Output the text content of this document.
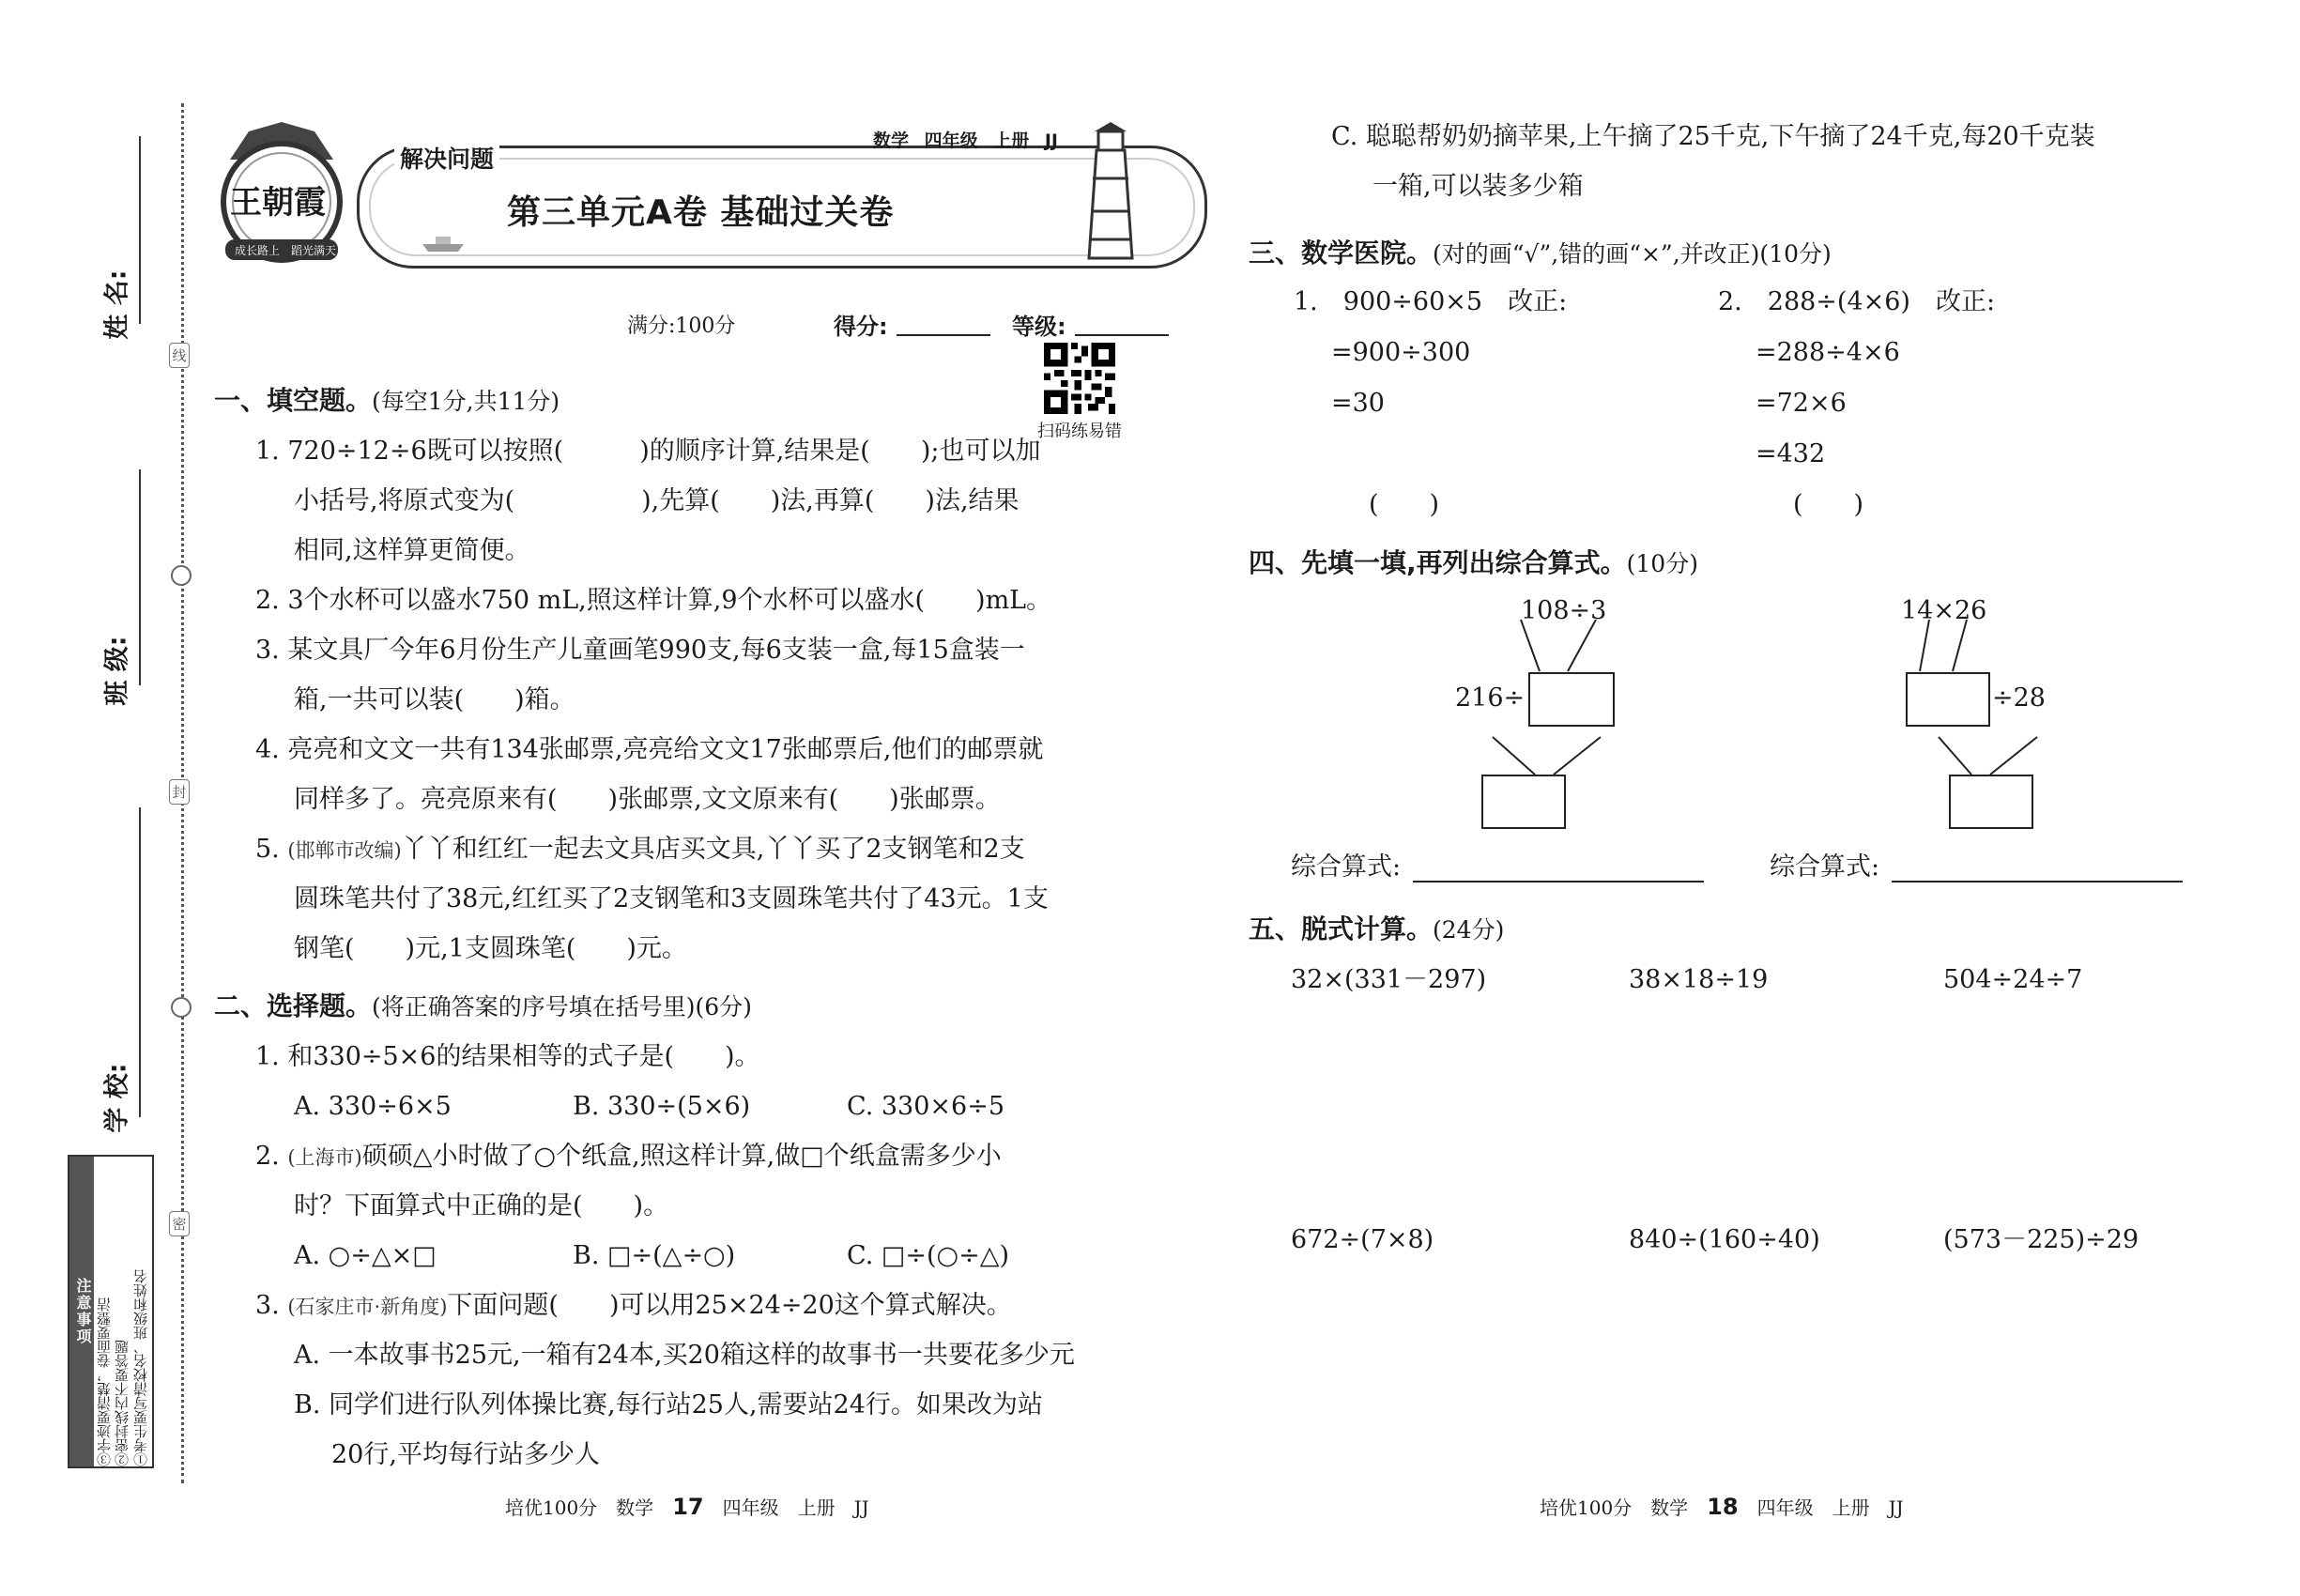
姓 名:
班 级:
学 校:
线
封
密
注意事项	①考生要写清校名、班级和姓名
②密封线内不要答题
③字迹要清楚，卷面要整洁
王朝霞
成长路上　 蹈光满天
解决问题
数学 四年级 上册 JJ
第三单元A卷 基础过关卷
满分:100分	得分:	等级:
扫码练易错
一、填空题。(每空1分,共11分)
1. 720÷12÷6既可以按照(　　　)的顺序计算,结果是(　　);也可以加
小括号,将原式变为(　　　　　),先算(　　)法,再算(　　)法,结果
相同,这样算更简便。
2. 3个水杯可以盛水750 mL,照这样计算,9个水杯可以盛水(　　)mL。
3. 某文具厂今年6月份生产儿童画笔990支,每6支装一盒,每15盒装一
箱,一共可以装(　　)箱。
4. 亮亮和文文一共有134张邮票,亮亮给文文17张邮票后,他们的邮票就
同样多了。亮亮原来有(　　)张邮票,文文原来有(　　)张邮票。
5. (邯郸市改编)丫丫和红红一起去文具店买文具,丫丫买了2支钢笔和2支
圆珠笔共付了38元,红红买了2支钢笔和3支圆珠笔共付了43元。1支
钢笔(　　)元,1支圆珠笔(　　)元。
二、选择题。(将正确答案的序号填在括号里)(6分)
1. 和330÷5×6的结果相等的式子是(　　)。
A. 330÷6×5	B. 330÷(5×6)	C. 330×6÷5
2. (上海市)硕硕△小时做了○个纸盒,照这样计算,做□个纸盒需多少小
时？下面算式中正确的是(　　)。
A. ○÷△×□	B. □÷(△÷○)	C. □÷(○÷△)
3. (石家庄市·新角度)下面问题(　　)可以用25×24÷20这个算式解决。
A. 一本故事书25元,一箱有24本,买20箱这样的故事书一共要花多少元
B. 同学们进行队列体操比赛,每行站25人,需要站24行。如果改为站
20行,平均每行站多少人
培优100分　数学　 17　 四年级　上册　JJ
C. 聪聪帮奶奶摘苹果,上午摘了25千克,下午摘了24千克,每20千克装
一箱,可以装多少箱
三、数学医院。(对的画“√”,错的画“×”,并改正)(10分)
1.　 900÷60×5　 改正:
=900÷300
=30
(　　)
2.　 288÷(4×6)　 改正:
=288÷4×6
=72×6
=432
(　　)
四、先填一填,再列出综合算式。(10分)
108÷3
216÷
14×26
÷28
综合算式:	综合算式:
五、脱式计算。(24分)
32×(331－297)	38×18÷19	504÷24÷7
672÷(7×8)	840÷(160÷40)	(573－225)÷29
培优100分　数学　 18　 四年级　上册　JJ
